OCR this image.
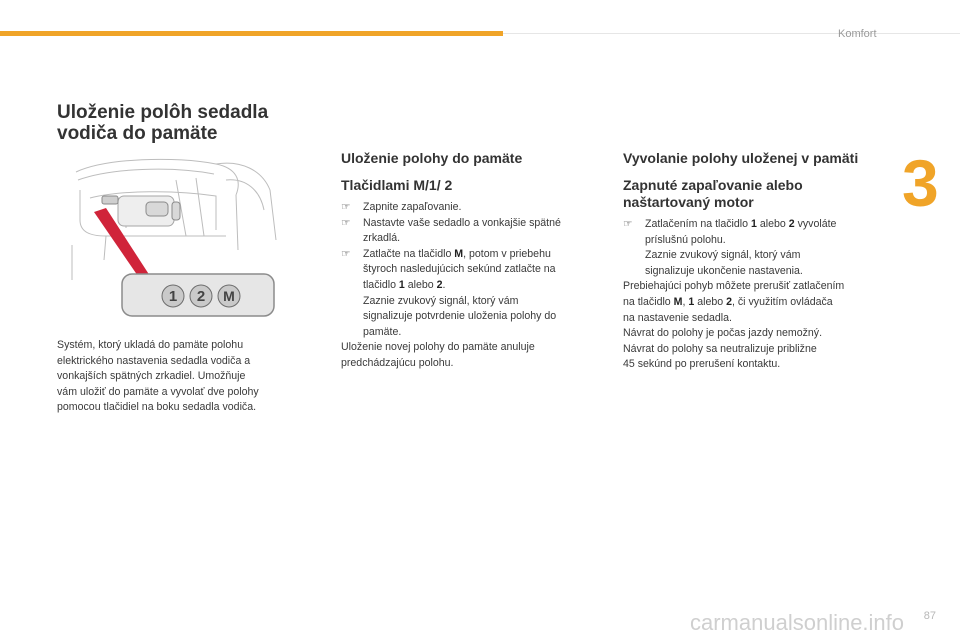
Komfort
3
Uloženie polôh sedadla
vodiča do pamäte
1 2 M
Systém, ktorý ukladá do pamäte polohu
elektrického nastavenia sedadla vodiča a
vonkajších spätných zrkadiel. Umožňuje
vám uložiť do pamäte a vyvolať dve polohy
pomocou tlačidiel na boku sedadla vodiča.
Uloženie polohy do pamäte
Tlačidlami M/1/ 2
☞ Zapnite zapaľovanie.
☞ Nastavte vaše sedadlo a vonkajšie spätné
zrkadlá.
☞ Zatlačte na tlačidlo M, potom v priebehu
štyroch nasledujúcich sekúnd zatlačte na
tlačidlo 1 alebo 2.
Zaznie zvukový signál, ktorý vám
signalizuje potvrdenie uloženia polohy do
pamäte.
Uloženie novej polohy do pamäte anuluje
predchádzajúcu polohu.
Vyvolanie polohy uloženej v pamäti
Zapnuté zapaľovanie alebo
naštartovaný motor
☞ Zatlačením na tlačidlo 1 alebo 2 vyvoláte
príslušnú polohu.
Zaznie zvukový signál, ktorý vám
signalizuje ukončenie nastavenia.
Prebiehajúci pohyb môžete prerušiť zatlačením
na tlačidlo M, 1 alebo 2, či využitím ovládača
na nastavenie sedadla.
Návrat do polohy je počas jazdy nemožný.
Návrat do polohy sa neutralizuje približne
45 sekúnd po prerušení kontaktu.
87
carmanualsonline.info
